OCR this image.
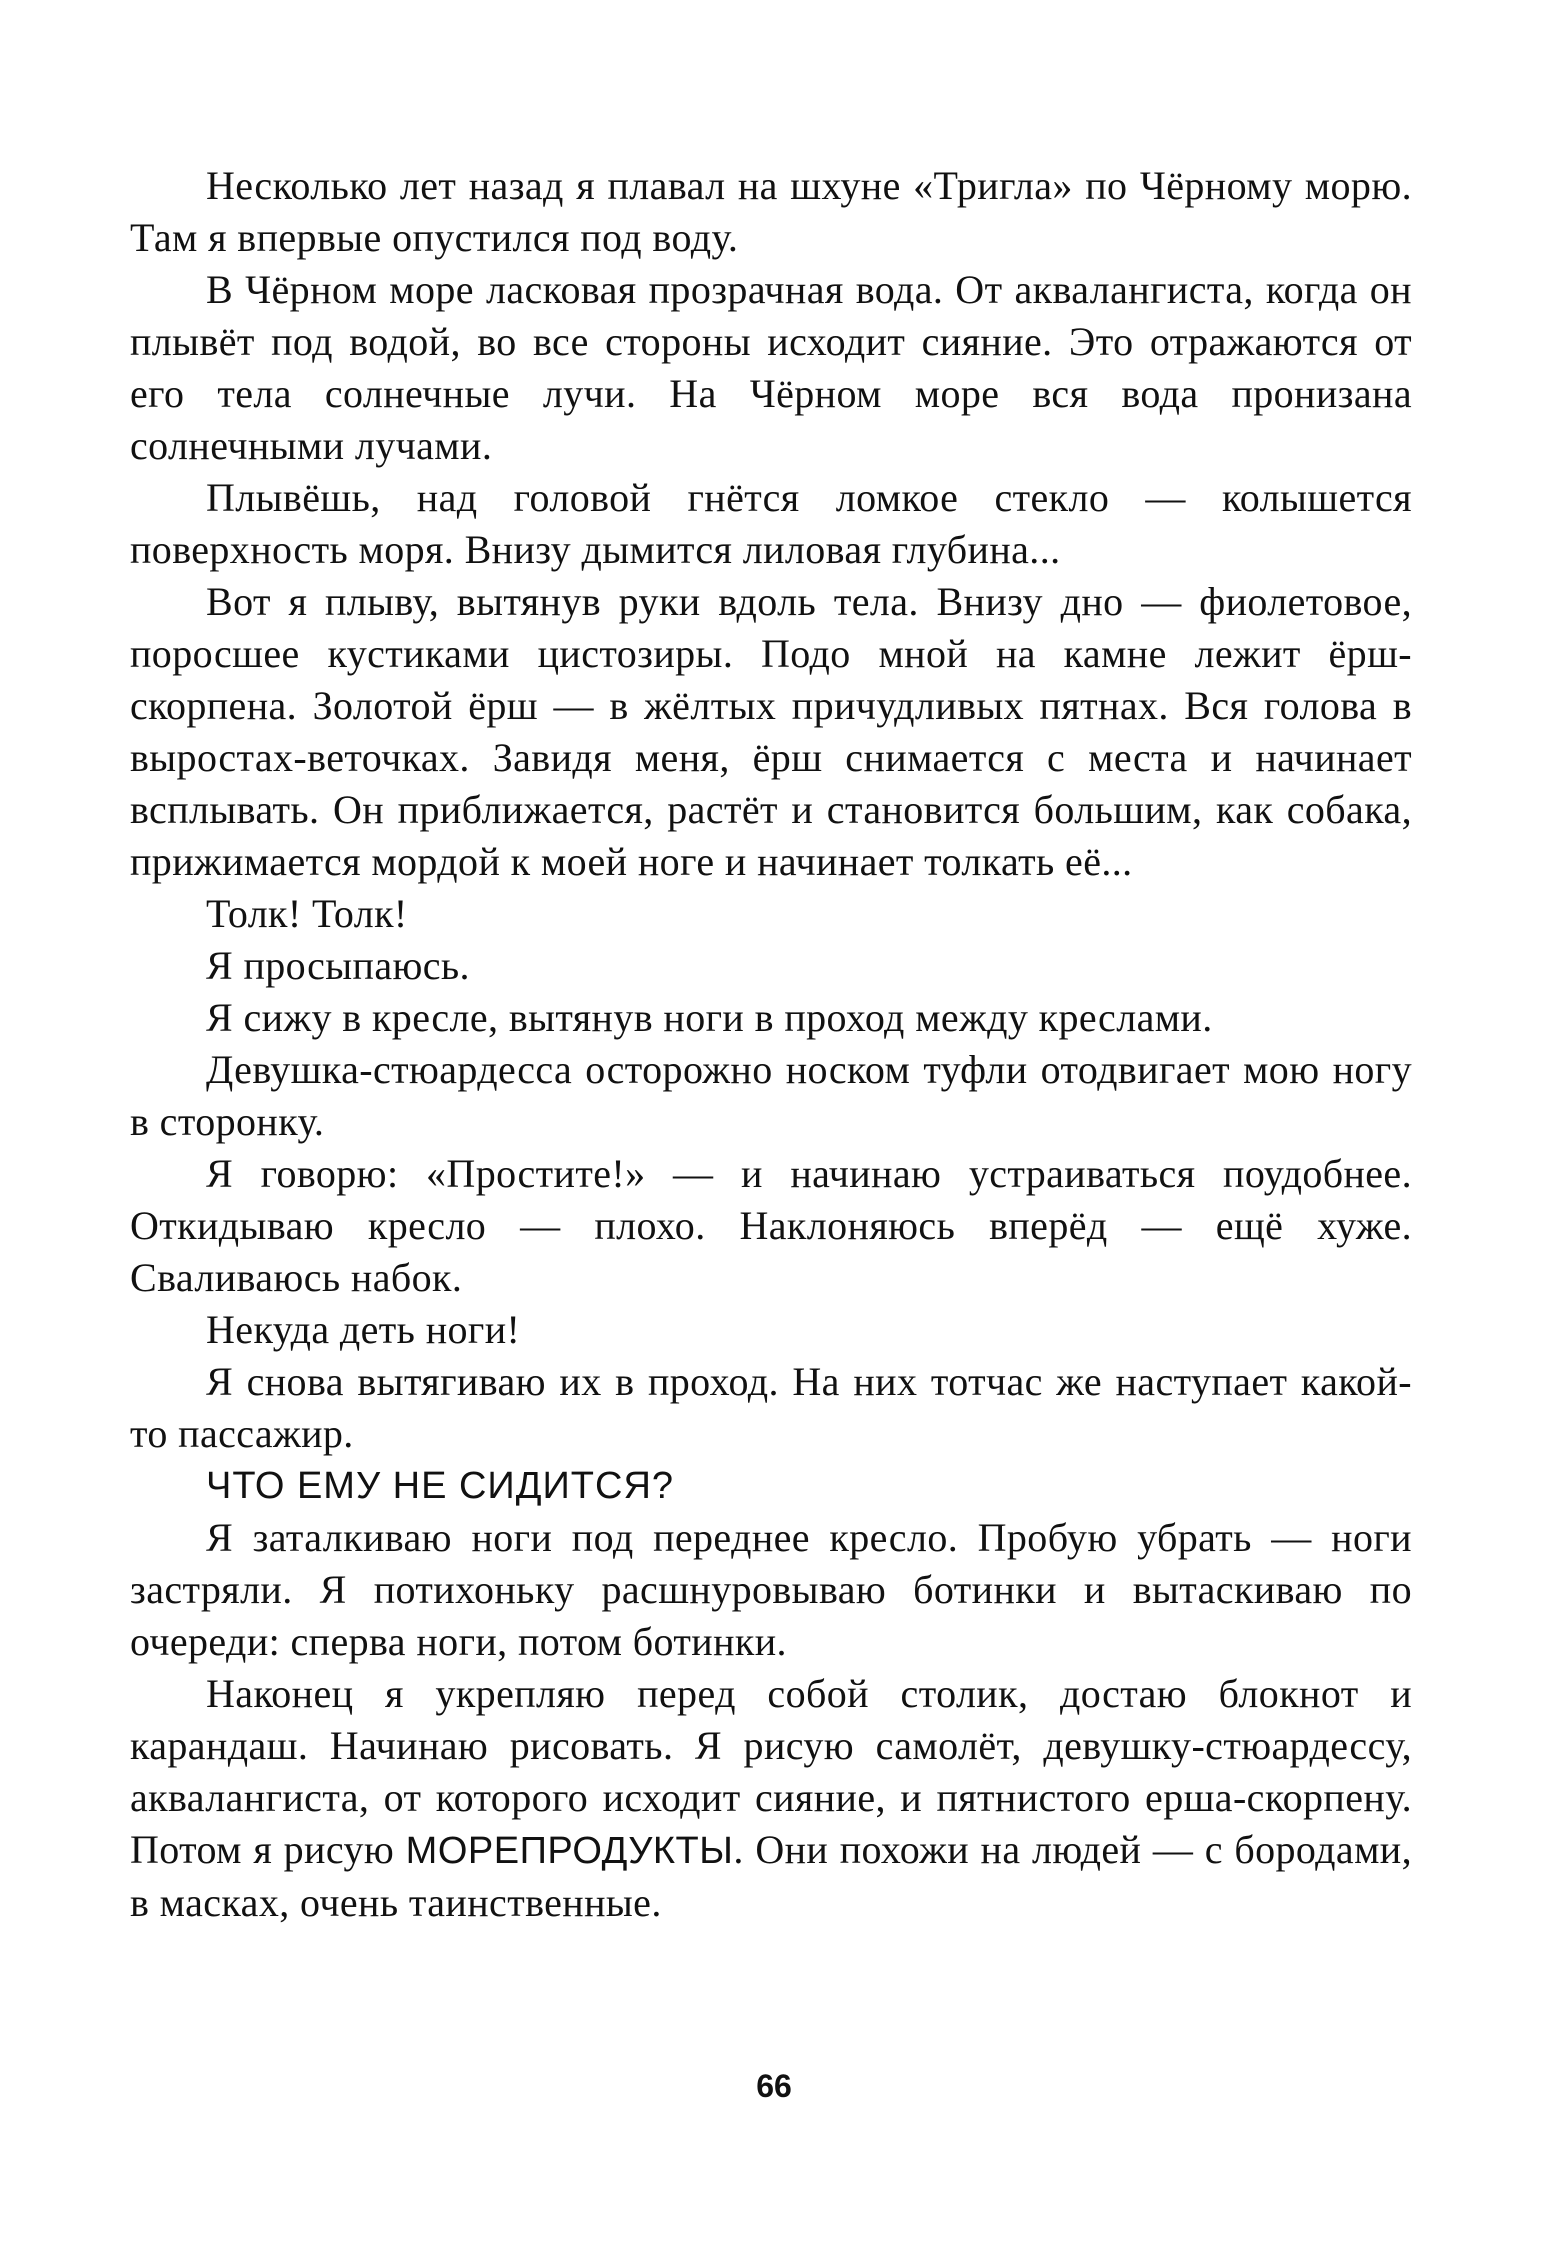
Несколько лет назад я плавал на шхуне «Тригла» по Чёрному морю. Там я впервые опустился под воду.

В Чёрном море ласковая прозрачная вода. От аквалангиста, когда он плывёт под водой, во все стороны исходит сияние. Это отражаются от его тела солнечные лучи. На Чёрном море вся вода пронизана солнечными лучами.

Плывёшь, над головой гнётся ломкое стекло — колышется поверхность моря. Внизу дымится лиловая глубина...

Вот я плыву, вытянув руки вдоль тела. Внизу дно — фиолетовое, поросшее кустиками цистозиры. Подо мной на камне лежит ёрш-скорпена. Золотой ёрш — в жёлтых причудливых пятнах. Вся голова в выростах-веточках. Завидя меня, ёрш снимается с места и начинает всплывать. Он приближается, растёт и становится большим, как собака, прижимается мордой к моей ноге и начинает толкать её...

Толк! Толк!

Я просыпаюсь.

Я сижу в кресле, вытянув ноги в проход между креслами.

Девушка-стюардесса осторожно носком туфли отодвигает мою ногу в сторонку.

Я говорю: «Простите!» — и начинаю устраиваться поудобнее. Откидываю кресло — плохо. Наклоняюсь вперёд — ещё хуже. Сваливаюсь набок.

Некуда деть ноги!

Я снова вытягиваю их в проход. На них тотчас же наступает какой-то пассажир.

ЧТО ЕМУ НЕ СИДИТСЯ?

Я заталкиваю ноги под переднее кресло. Пробую убрать — ноги застряли. Я потихоньку расшнуровываю ботинки и вытаскиваю по очереди: сперва ноги, потом ботинки.

Наконец я укрепляю перед собой столик, достаю блокнот и карандаш. Начинаю рисовать. Я рисую самолёт, девушку-стюардессу, аквалангиста, от которого исходит сияние, и пятнистого ерша-скорпену. Потом я рисую МОРЕПРОДУКТЫ. Они похожи на людей — с бородами, в масках, очень таинственные.

66
